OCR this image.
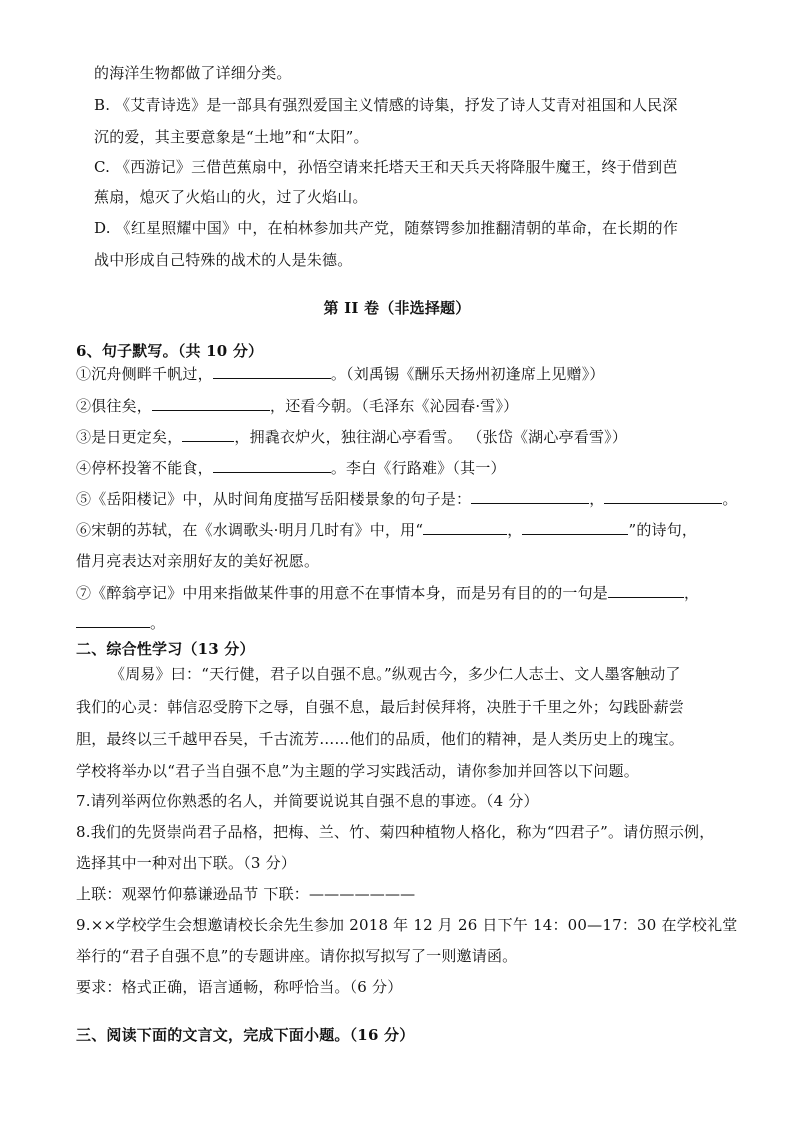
的海洋生物都做了详细分类。
B. 《艾青诗选》是一部具有强烈爱国主义情感的诗集，抒发了诗人艾青对祖国和人民深
沉的爱，其主要意象是“土地”和“太阳”。
C. 《西游记》三借芭蕉扇中，孙悟空请来托塔天王和天兵天将降服牛魔王，终于借到芭
蕉扇，熄灭了火焰山的火，过了火焰山。
D. 《红星照耀中国》中，在柏林参加共产党，随蔡锷参加推翻清朝的革命，在长期的作
战中形成自己特殊的战术的人是朱德。
第 II 卷（非选择题）
6、句子默写。（共 10 分）
①沉舟侧畔千帆过，	。（刘禹锡《酬乐天扬州初逢席上见赠》）
②俱往矣，	，还看今朝。（毛泽东《沁园春·雪》）
③是日更定矣，	，拥毳衣炉火，独往湖心亭看雪。 （张岱《湖心亭看雪》）
④停杯投箸不能食，	。李白《行路难》（其一）
⑤《岳阳楼记》中，从时间角度描写岳阳楼景象的句子是：	，	。
⑥宋朝的苏轼，在《水调歌头·明月几时有》中，用“	，	”的诗句，
借月亮表达对亲朋好友的美好祝愿。
⑦《醉翁亭记》中用来指做某件事的用意不在事情本身，而是另有目的的一句是	，
。
二、综合性学习（13 分）
《周易》曰：“天行健，君子以自强不息。”纵观古今，多少仁人志士、文人墨客触动了
我们的心灵：韩信忍受胯下之辱，自强不息，最后封侯拜将，决胜于千里之外；勾践卧薪尝
胆，最终以三千越甲吞吴，千古流芳……他们的品质，他们的精神，是人类历史上的瑰宝。
学校将举办以“君子当自强不息”为主题的学习实践活动，请你参加并回答以下问题。
7.请列举两位你熟悉的名人，并简要说说其自强不息的事迹。（4 分）
8.我们的先贤崇尚君子品格，把梅、兰、竹、菊四种植物人格化，称为“四君子”。请仿照示例，
选择其中一种对出下联。（3 分）
上联：观翠竹仰慕谦逊品节 下联：———————
9.××学校学生会想邀请校长余先生参加 2018 年 12 月 26 日下午 14：00—17：30 在学校礼堂
举行的“君子自强不息”的专题讲座。请你拟写拟写了一则邀请函。
要求：格式正确，语言通畅，称呼恰当。（6 分）
三、阅读下面的文言文，完成下面小题。（16 分）
